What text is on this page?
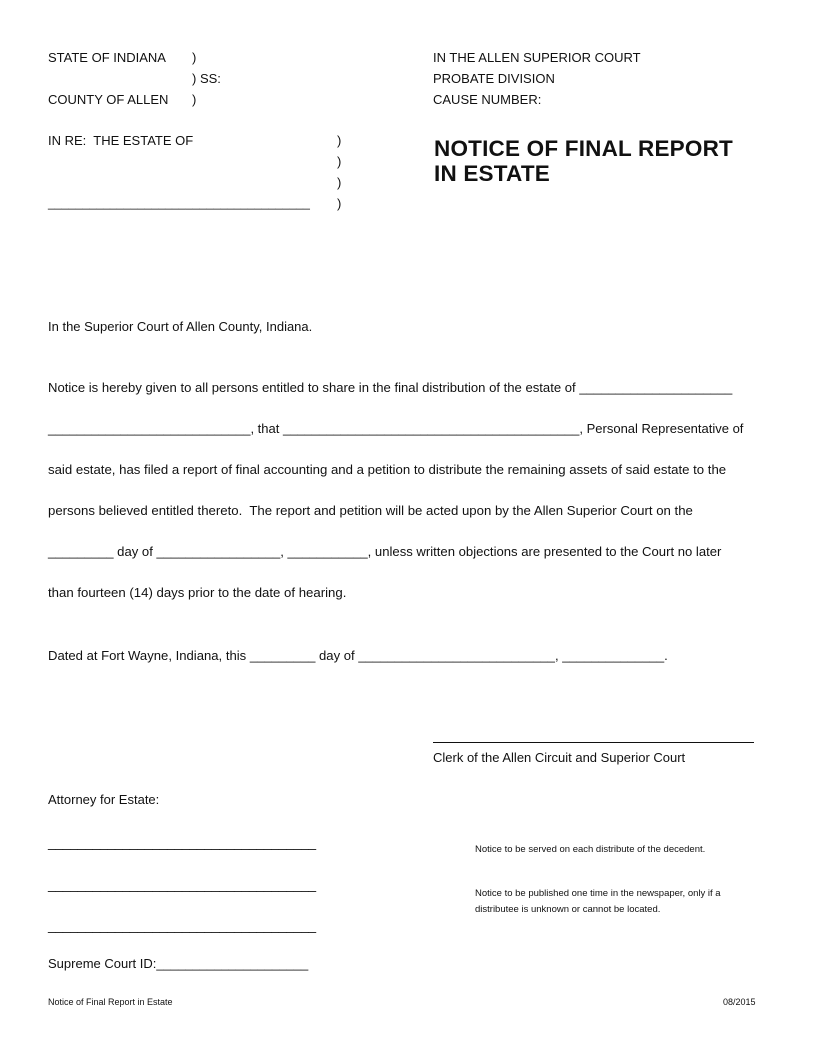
STATE OF INDIANA )
) SS:
COUNTY OF ALLEN )
IN THE ALLEN SUPERIOR COURT
PROBATE DIVISION
CAUSE NUMBER:
IN RE:  THE ESTATE OF	)
)
)
______________________________________ )
NOTICE OF FINAL REPORT
IN ESTATE
In the Superior Court of Allen County, Indiana.
Notice is hereby given to all persons entitled to share in the final distribution of the estate of _____________________
____________________________, that _________________________________________, Personal Representative of
said estate, has filed a report of final accounting and a petition to distribute the remaining assets of said estate to the
persons believed entitled thereto.  The report and petition will be acted upon by the Allen Superior Court on the
_________ day of _________________, ___________, unless written objections are presented to the Court no later
than fourteen (14) days prior to the date of hearing.
Dated at Fort Wayne, Indiana, this _________ day of ___________________________, ______________.
Clerk of the Allen Circuit and Superior Court
Attorney for Estate:
____________________________________
____________________________________
____________________________________
Supreme Court ID:_____________________
Notice to be served on each distribute of the decedent.
Notice to be published one time in the newspaper, only if a
distributee is unknown or cannot be located.
Notice of Final Report in Estate	08/2015
